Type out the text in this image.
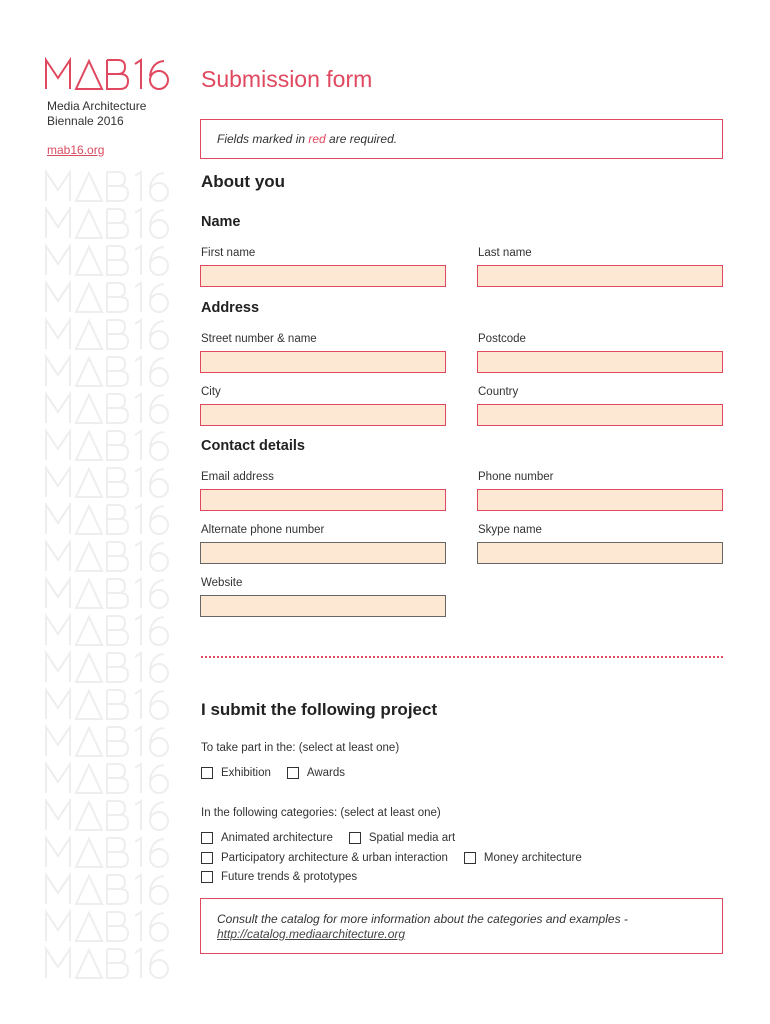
Media Architecture
Biennale 2016
mab16.org
Submission form
Fields marked in red are required.
About you
Name
First name	Last name
Address
Street number & name	Postcode
City	Country
Contact details
Email address	Phone number
Alternate phone number	Skype name
Website
I submit the following project
To take part in the: (select at least one)
Exhibition	Awards
In the following categories: (select at least one)
Animated architecture	Spatial media art
Participatory architecture & urban interaction	Money architecture
Future trends & prototypes
Consult the catalog for more information about the categories and examples -
http://catalog.mediaarchitecture.org
